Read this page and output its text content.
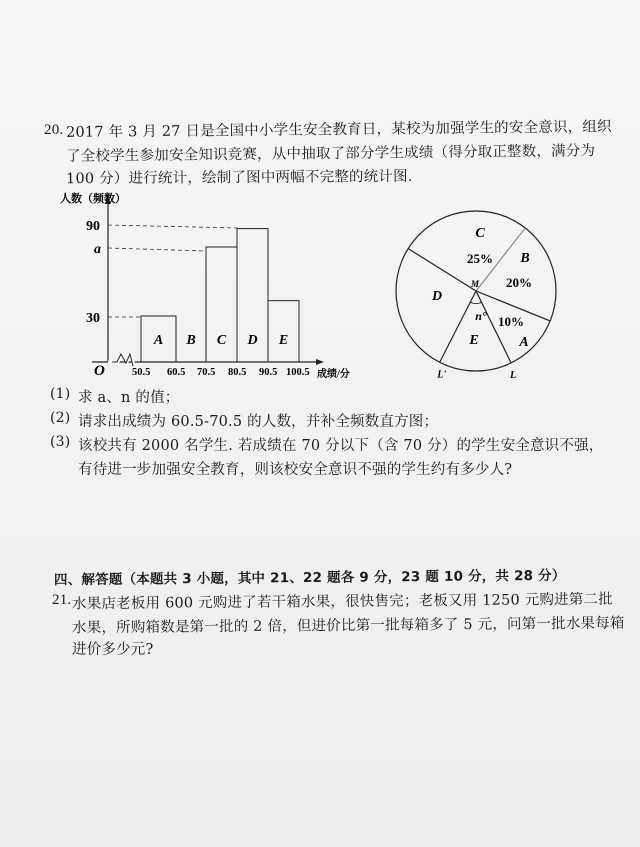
20. 2017 年 3 月 27 日是全国中小学生安全教育日，某校为加强学生的安全意识，组织
了全校学生参加安全知识竞赛，从中抽取了部分学生成绩（得分取正整数，满分为
100 分）进行统计，绘制了图中两幅不完整的统计图.
人数（频数）
成绩/分
O
90
a
30
50.5 60.5 70.5 80.5 90.5 100.5
A B C D E	A
10%
B
20%
C
25%
D
E
M
n°
L
L'
(1) 求 a、n 的值；
(2) 请求出成绩为 60.5-70.5 的人数，并补全频数直方图；
(3) 该校共有 2000 名学生. 若成绩在 70 分以下（含 70 分）的学生安全意识不强，
有待进一步加强安全教育，则该校安全意识不强的学生约有多少人?
四、解答题（本题共 3 小题，其中 21、22 题各 9 分，23 题 10 分，共 28 分）
21. 水果店老板用 600 元购进了若干箱水果，很快售完；老板又用 1250 元购进第二批
水果，所购箱数是第一批的 2 倍，但进价比第一批每箱多了 5 元，问第一批水果每箱
进价多少元?
